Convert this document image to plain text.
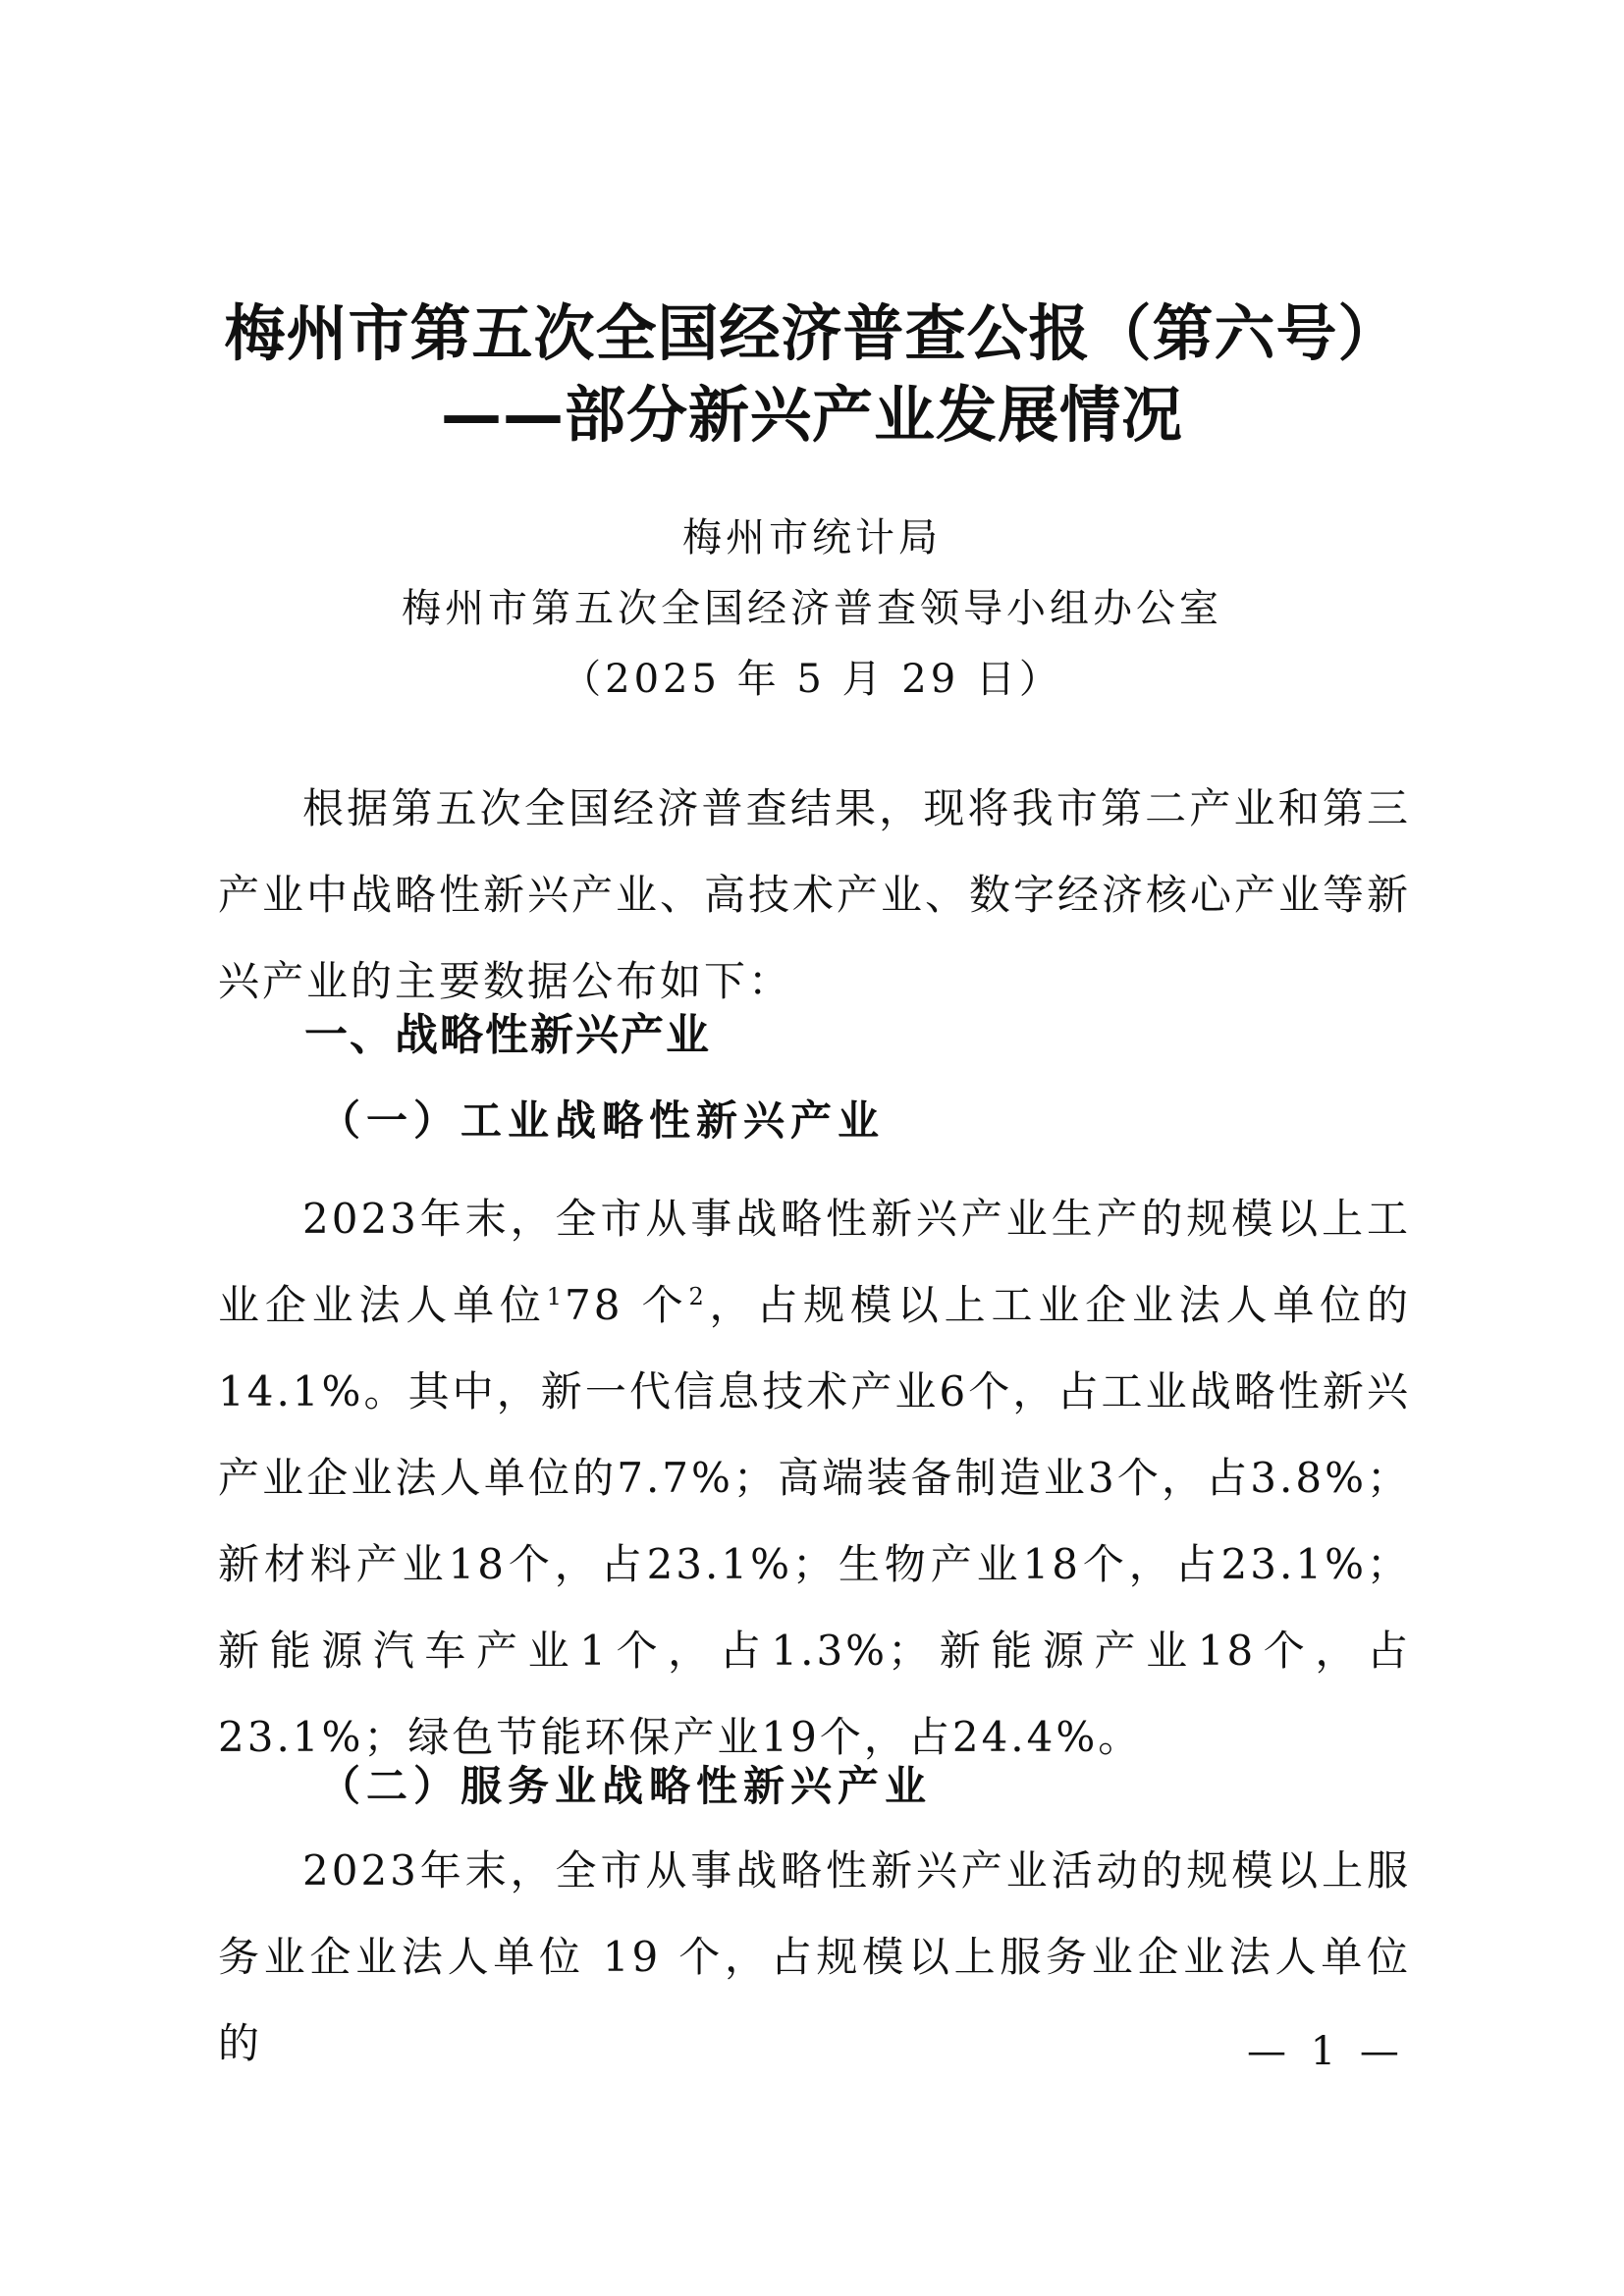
梅州市第五次全国经济普查公报（第六号）
——部分新兴产业发展情况
梅州市统计局
梅州市第五次全国经济普查领导小组办公室
（2025 年 5 月 29 日）
根据第五次全国经济普查结果，现将我市第二产业和第三产业中战略性新兴产业、高技术产业、数字经济核心产业等新兴产业的主要数据公布如下：
一、战略性新兴产业
（一）工业战略性新兴产业
2023年末，全市从事战略性新兴产业生产的规模以上工业企业法人单位$^1$78 个$^2$，占规模以上工业企业法人单位的14.1%。其中，新一代信息技术产业6个，占工业战略性新兴产业企业法人单位的7.7%；高端装备制造业3个，占3.8%；新材料产业18个，占23.1%；生物产业18个，占23.1%；新能源汽车产业1个，占1.3%；新能源产业18个，占23.1%；绿色节能环保产业19个，占24.4%。
（二）服务业战略性新兴产业
2023年末，全市从事战略性新兴产业活动的规模以上服务业企业法人单位 19 个，占规模以上服务业企业法人单位的	— 1 —
